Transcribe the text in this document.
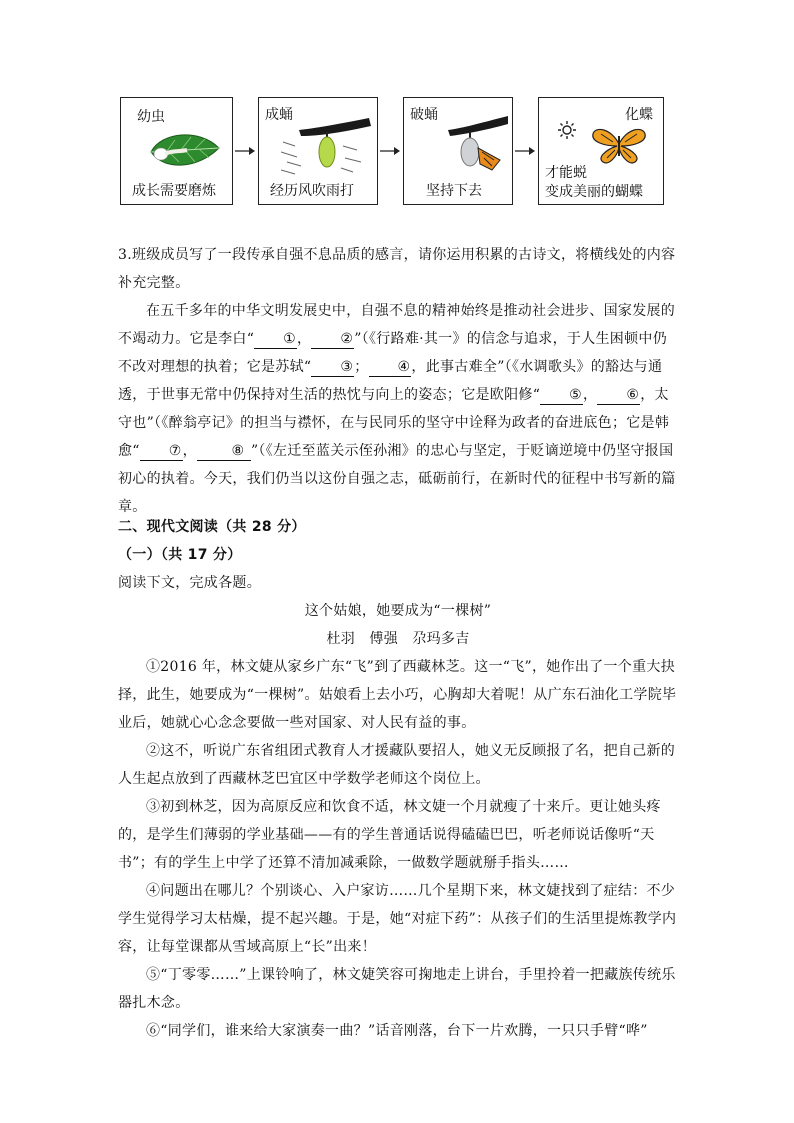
幼虫
成长需要磨炼
成蛹
经历风吹雨打
破蛹
坚持下去
化蝶
才能蜕
变成美丽的蝴蝶

3.班级成员写了一段传承自强不息品质的感言，请你运用积累的古诗文，将横线处的内容
补充完整。

在五千多年的中华文明发展史中，自强不息的精神始终是推动社会进步、国家发展的不竭动力。它是李白“ ①， ②”（《行路难·其一》的信念与追求，于人生困顿中仍不改对理想的执着；它是苏轼“ ③； ④，此事古难全”（《水调歌头》的豁达与通透，于世事无常中仍保持对生活的热忱与向上的姿态；它是欧阳修“ ⑤， ⑥，太守也”（《醉翁亭记》的担当与襟怀，在与民同乐的坚守中诠释为政者的奋进底色；它是韩愈“ ⑦， ⑧ ”（《左迁至蓝关示侄孙湘》的忠心与坚定，于贬谪逆境中仍坚守报国初心的执着。今天，我们仍当以这份自强之志，砥砺前行，在新时代的征程中书写新的篇章。

二、现代文阅读（共 28 分）

（一）（共 17 分）

阅读下文，完成各题。

这个姑娘，她要成为“一棵树”

杜羽　傅强　尕玛多吉

①2016 年，林文婕从家乡广东“飞”到了西藏林芝。这一“飞”，她作出了一个重大抉择，此生，她要成为“一棵树”。姑娘看上去小巧，心胸却大着呢！从广东石油化工学院毕业后，她就心心念念要做一些对国家、对人民有益的事。

②这不，听说广东省组团式教育人才援藏队要招人，她义无反顾报了名，把自己新的人生起点放到了西藏林芝巴宜区中学数学老师这个岗位上。

③初到林芝，因为高原反应和饮食不适，林文婕一个月就瘦了十来斤。更让她头疼的，是学生们薄弱的学业基础——有的学生普通话说得磕磕巴巴，听老师说话像听“天书”；有的学生上中学了还算不清加减乘除，一做数学题就掰手指头……

④问题出在哪儿？个别谈心、入户家访……几个星期下来，林文婕找到了症结：不少学生觉得学习太枯燥，提不起兴趣。于是，她“对症下药”：从孩子们的生活里提炼教学内容，让每堂课都从雪域高原上“长”出来！

⑤“丁零零……”上课铃响了，林文婕笑容可掬地走上讲台，手里拎着一把藏族传统乐器扎木念。

⑥“同学们，谁来给大家演奏一曲？”话音刚落，台下一片欢腾，一只只手臂“哗”
